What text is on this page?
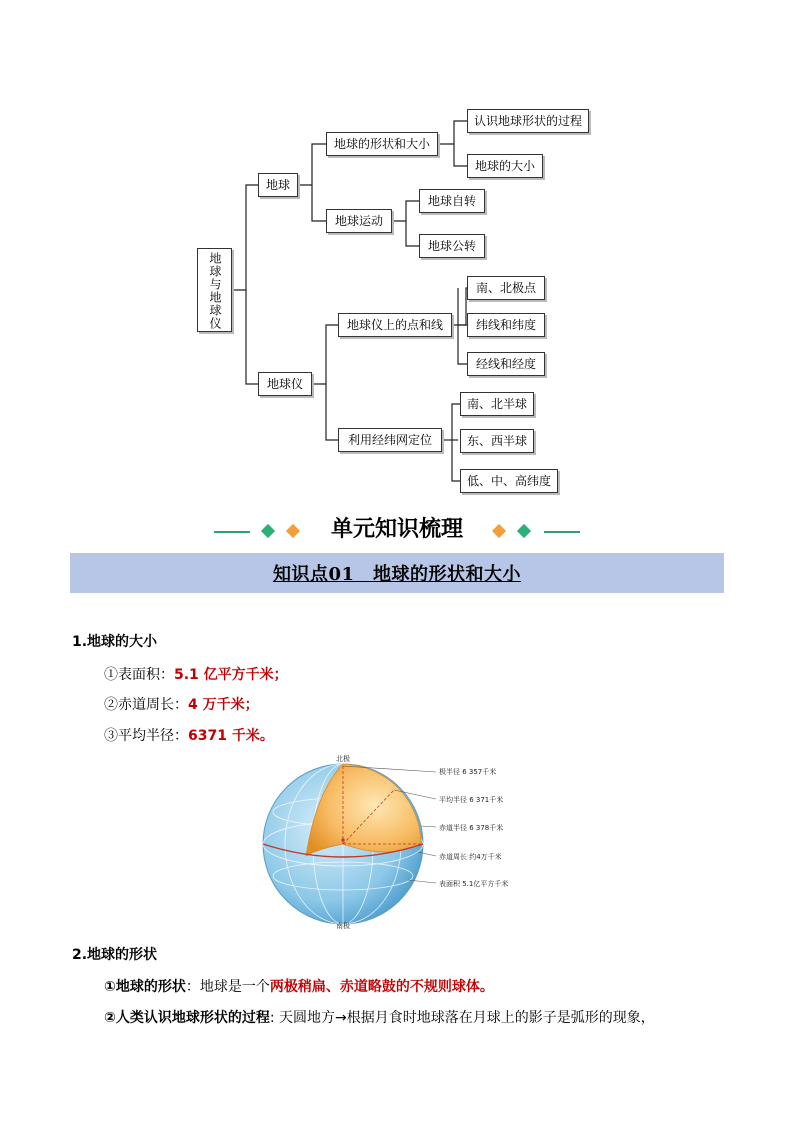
地球与地球仪
地球
地球的形状和大小
认识地球形状的过程
地球的大小
地球运动
地球自转
地球公转
地球仪
地球仪上的点和线
南、北极点
纬线和纬度
经线和经度
利用经纬网定位
南、北半球
东、西半球
低、中、高纬度
单元知识梳理
知识点01　地球的形状和大小
1.地球的大小
①表面积：5.1 亿平方千米；
②赤道周长：4 万千米；
③平均半径：6371 千米。
北极
南极
极半径 6 357千米
平均半径 6 371千米
赤道半径 6 378千米
赤道周长 约4万千米
表面积 5.1亿平方千米
2.地球的形状
①地球的形状：地球是一个两极稍扁、赤道略鼓的不规则球体。
②人类认识地球形状的过程: 天圆地方→根据月食时地球落在月球上的影子是弧形的现象，
